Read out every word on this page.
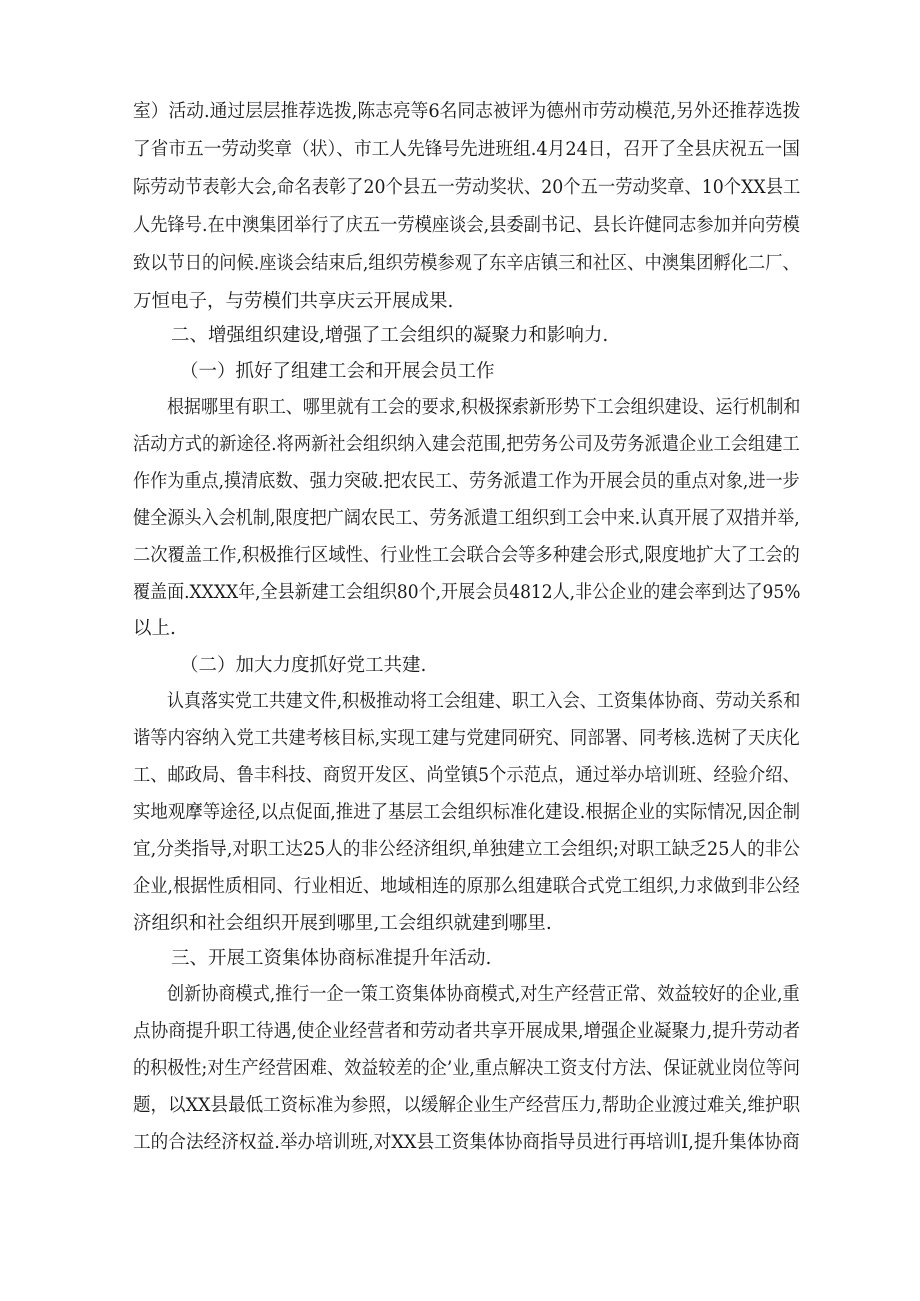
室）活动.通过层层推荐选拨,陈志亮等6名同志被评为德州市劳动模范,另外还推荐选拨
了省市五一劳动奖章（状）、市工人先锋号先进班组.4月24日，召开了全县庆祝五一国
际劳动节表彰大会,命名表彰了20个县五一劳动奖状、20个五一劳动奖章、10个XX县工
人先锋号.在中澳集团举行了庆五一劳模座谈会,县委副书记、县长许健同志参加并向劳模
致以节日的问候.座谈会结束后,组织劳模参观了东辛店镇三和社区、中澳集团孵化二厂、
万恒电子，与劳模们共享庆云开展成果.
二、增强组织建设,增强了工会组织的凝聚力和影响力.
（一）抓好了组建工会和开展会员工作
根据哪里有职工、哪里就有工会的要求,积极探索新形势下工会组织建设、运行机制和
活动方式的新途径.将两新社会组织纳入建会范围,把劳务公司及劳务派遣企业工会组建工
作作为重点,摸清底数、强力突破.把农民工、劳务派遣工作为开展会员的重点对象,进一步
健全源头入会机制,限度把广阔农民工、劳务派遣工组织到工会中来.认真开展了双措并举,
二次覆盖工作,积极推行区域性、行业性工会联合会等多种建会形式,限度地扩大了工会的
覆盖面.XXXX年,全县新建工会组织80个,开展会员4812人,非公企业的建会率到达了95%
以上.
（二）加大力度抓好党工共建.
认真落实党工共建文件,积极推动将工会组建、职工入会、工资集体协商、劳动关系和
谐等内容纳入党工共建考核目标,实现工建与党建同研究、同部署、同考核.选树了天庆化
工、邮政局、鲁丰科技、商贸开发区、尚堂镇5个示范点，通过举办培训班、经验介绍、
实地观摩等途径,以点促面,推进了基层工会组织标准化建设.根据企业的实际情况,因企制
宜,分类指导,对职工达25人的非公经济组织,单独建立工会组织;对职工缺乏25人的非公
企业,根据性质相同、行业相近、地域相连的原那么组建联合式党工组织,力求做到非公经
济组织和社会组织开展到哪里,工会组织就建到哪里.
三、开展工资集体协商标准提升年活动.
创新协商模式,推行一企一策工资集体协商模式,对生产经营正常、效益较好的企业,重
点协商提升职工待遇,使企业经营者和劳动者共享开展成果,增强企业凝聚力,提升劳动者
的积极性;对生产经营困难、效益较差的企’业,重点解决工资支付方法、保证就业岗位等问
题，以XX县最低工资标准为参照，以缓解企业生产经营压力,帮助企业渡过难关,维护职
工的合法经济权益.举办培训班,对XX县工资集体协商指导员进行再培训I,提升集体协商
